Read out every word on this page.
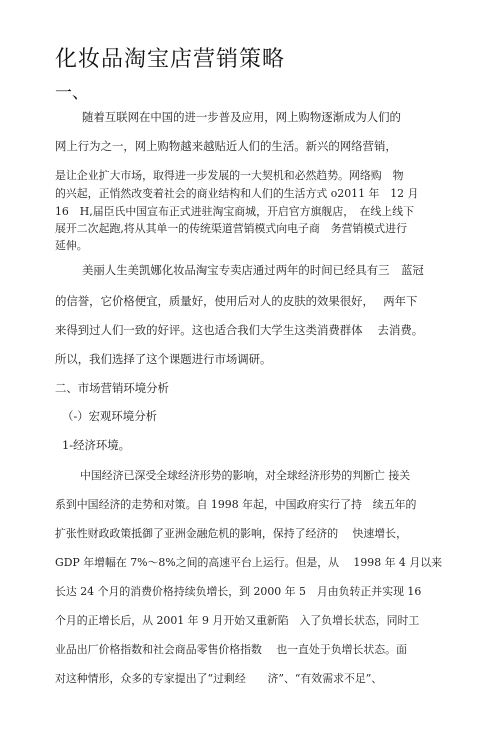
化妆品淘宝店营销策略
一、
随着互联网在中国的进一步普及应用，网上购物逐渐成为人们的
网上行为之一，网上购物越来越贴近人们的生活。新兴的网络营销，
是让企业扩大市场，取得进一步发展的一大契机和必然趋势。网络购　物
的兴起，正悄然改变着社会的商业结构和人们的生活方式 o2011 年　12 月
16　H,届臣氏中国宣布正式进驻淘宝商城，开启官方旗舰店，　在线上线下
展开二次起跑,将从其单一的传统渠道营销模式向电子商　务营销模式进行
延伸。
美丽人生美凯娜化妆品淘宝专卖店通过两年的时间已经具有三　蓝冠
的信誉，它价格便宜，质量好，使用后对人的皮肤的效果很好，　 两年下
来得到过人们一致的好评。这也适合我们大学生这类消费群体　 去消费。
所以，我们选择了这个课题进行市场调研。
二、市场营销环境分析
（-）宏观环境分析
1-经济环境。
中国经济已深受全球经济形势的影响，对全球经济形势的判断亡 接关
系到中国经济的走势和对策。自 1998 年起，中国政府实行了持　续五年的
扩张性财政政策抵御了亚洲金融危机的影响，保持了经济的　 快速增长，
GDP 年增幅在 7%～8%之间的高速平台上运行。但是，从　 1998 年 4 月以来
长达 24 个月的消费价格持续负增长，到 2000 年 5　月由负转正并实现 16
个月的正增长后，从 2001 年 9 月开始又重新陷　入了负增长状态，同时工
业品出厂价格指数和社会商品零售价格指数　 也一直处于负增长状态。面
对这种情形，众多的专家提出了“过剩经　　济”、“有效需求不足”、
